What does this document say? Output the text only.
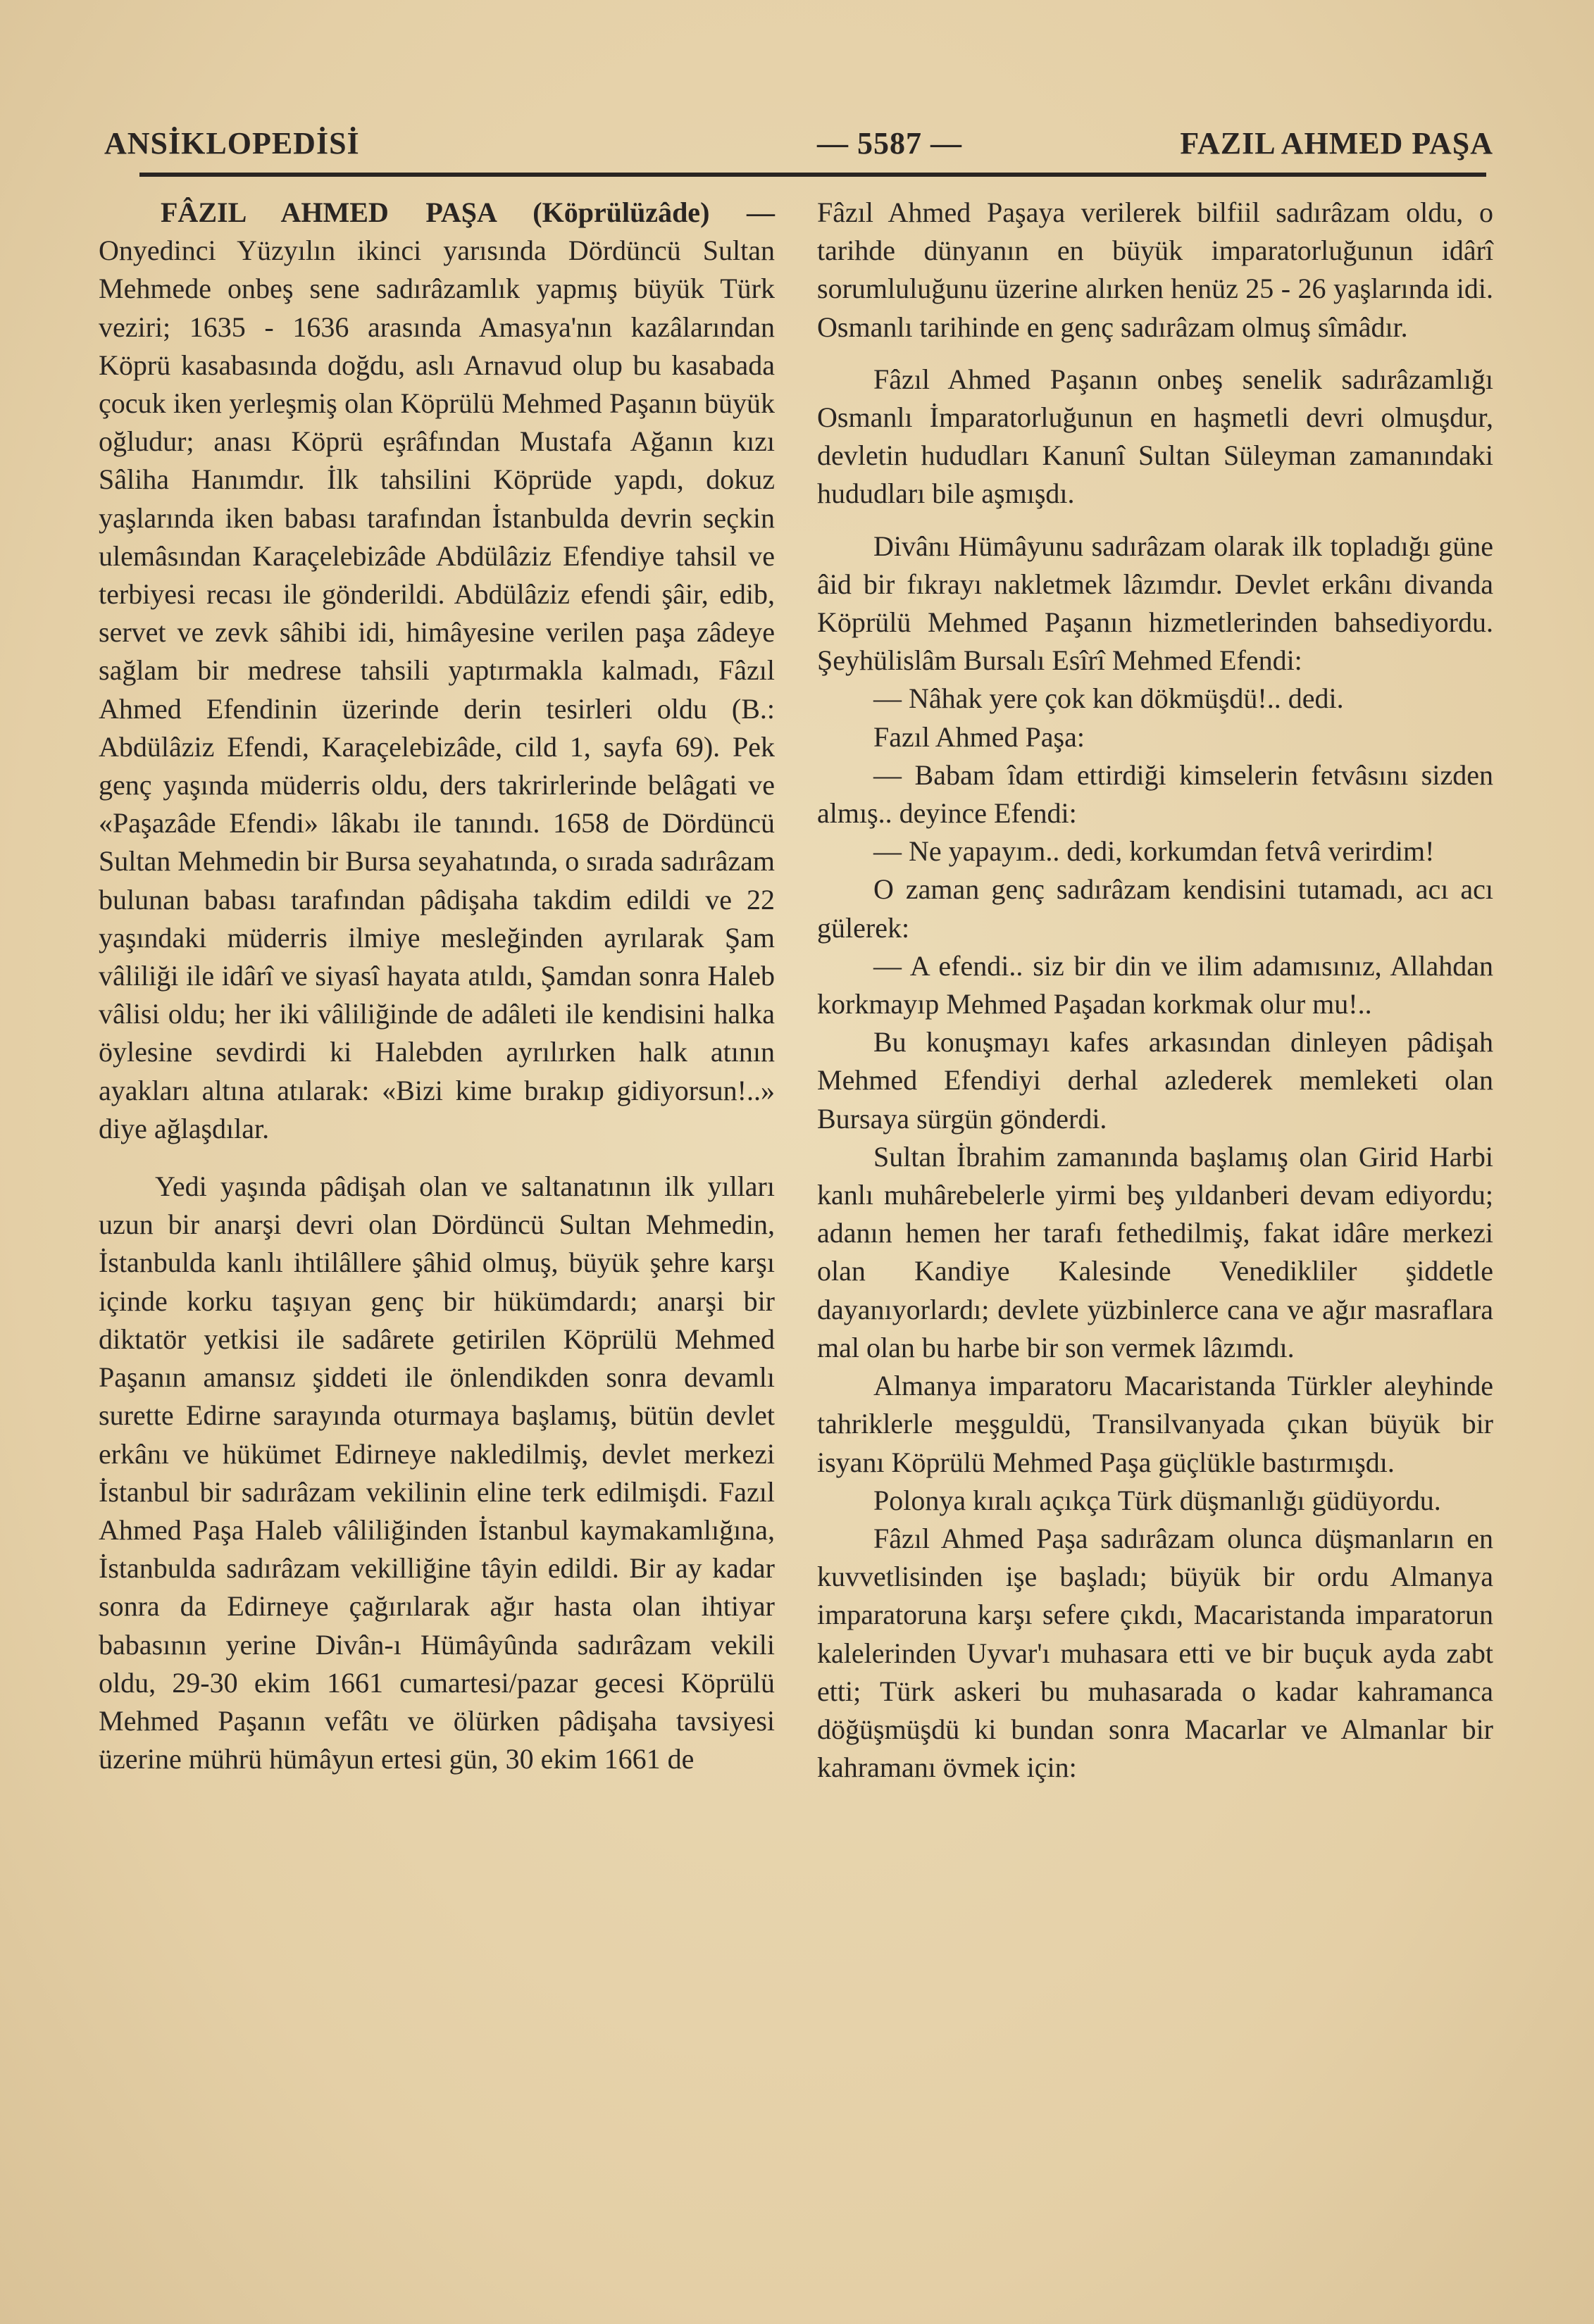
ANSİKLOPEDİSİ	— 5587 —	FAZIL AHMED PAŞA

FÂZIL AHMED PAŞA (Köprülüzâde) — Onyedinci Yüzyılın ikinci yarısında Dördüncü Sultan Mehmede onbeş sene sadırâzamlık yapmış büyük Türk veziri; 1635 - 1636 arasında Amasya'nın kazâlarından Köprü kasabasında doğdu, aslı Arnavud olup bu kasabada çocuk iken yerleşmiş olan Köprülü Mehmed Paşanın büyük oğludur; anası Köprü eşrâfından Mustafa Ağanın kızı Sâliha Hanımdır. İlk tahsilini Köprüde yapdı, dokuz yaşlarında iken babası tarafından İstanbulda devrin seçkin ulemâsından Karaçelebizâde Abdülâziz Efendiye tahsil ve terbiyesi recası ile gönderildi. Abdülâziz efendi şâir, edib, servet ve zevk sâhibi idi, himâyesine verilen paşa zâdeye sağlam bir medrese tahsili yaptırmakla kalmadı, Fâzıl Ahmed Efendinin üzerinde derin tesirleri oldu (B.: Abdülâziz Efendi, Karaçelebizâde, cild 1, sayfa 69). Pek genç yaşında müderris oldu, ders takrirlerinde belâgati ve «Paşazâde Efendi» lâkabı ile tanındı. 1658 de Dördüncü Sultan Mehmedin bir Bursa seyahatında, o sırada sadırâzam bulunan babası tarafından pâdişaha takdim edildi ve 22 yaşındaki müderris ilmiye mesleğinden ayrılarak Şam vâliliği ile idârî ve siyasî hayata atıldı, Şamdan sonra Haleb vâlisi oldu; her iki vâliliğinde de adâleti ile kendisini halka öylesine sevdirdi ki Halebden ayrılırken halk atının ayakları altına atılarak: «Bizi kime bırakıp gidiyorsun!..» diye ağlaşdılar.

Yedi yaşında pâdişah olan ve saltanatının ilk yılları uzun bir anarşi devri olan Dördüncü Sultan Mehmedin, İstanbulda kanlı ihtilâllere şâhid olmuş, büyük şehre karşı içinde korku taşıyan genç bir hükümdardı; anarşi bir diktatör yetkisi ile sadârete getirilen Köprülü Mehmed Paşanın amansız şiddeti ile önlendikden sonra devamlı surette Edirne sarayında oturmaya başlamış, bütün devlet erkânı ve hükümet Edirneye nakledilmiş, devlet merkezi İstanbul bir sadırâzam vekilinin eline terk edilmişdi. Fazıl Ahmed Paşa Haleb vâliliğinden İstanbul kaymakamlığına, İstanbulda sadırâzam vekilliğine tâyin edildi. Bir ay kadar sonra da Edirneye çağırılarak ağır hasta olan ihtiyar babasının yerine Divân-ı Hümâyûnda sadırâzam vekili oldu, 29-30 ekim 1661 cumartesi/pazar gecesi Köprülü Mehmed Paşanın vefâtı ve ölürken pâdişaha tavsiyesi üzerine mührü hümâyun ertesi gün, 30 ekim 1661 de

Fâzıl Ahmed Paşaya verilerek bilfiil sadırâzam oldu, o tarihde dünyanın en büyük imparatorluğunun idârî sorumluluğunu üzerine alırken henüz 25 - 26 yaşlarında idi. Osmanlı tarihinde en genç sadırâzam olmuş sîmâdır.

Fâzıl Ahmed Paşanın onbeş senelik sadırâzamlığı Osmanlı İmparatorluğunun en haşmetli devri olmuşdur, devletin hududları Kanunî Sultan Süleyman zamanındaki hududları bile aşmışdı.

Divânı Hümâyunu sadırâzam olarak ilk topladığı güne âid bir fıkrayı nakletmek lâzımdır. Devlet erkânı divanda Köprülü Mehmed Paşanın hizmetlerinden bahsediyordu. Şeyhülislâm Bursalı Esîrî Mehmed Efendi:

— Nâhak yere çok kan dökmüşdü!.. dedi.

Fazıl Ahmed Paşa:

— Babam îdam ettirdiği kimselerin fetvâsını sizden almış.. deyince Efendi:

— Ne yapayım.. dedi, korkumdan fetvâ verirdim!

O zaman genç sadırâzam kendisini tutamadı, acı acı gülerek:

— A efendi.. siz bir din ve ilim adamısınız, Allahdan korkmayıp Mehmed Paşadan korkmak olur mu!..

Bu konuşmayı kafes arkasından dinleyen pâdişah Mehmed Efendiyi derhal azlederek memleketi olan Bursaya sürgün gönderdi.

Sultan İbrahim zamanında başlamış olan Girid Harbi kanlı muhârebelerle yirmi beş yıldanberi devam ediyordu; adanın hemen her tarafı fethedilmiş, fakat idâre merkezi olan Kandiye Kalesinde Venedikliler şiddetle dayanıyorlardı; devlete yüzbinlerce cana ve ağır masraflara mal olan bu harbe bir son vermek lâzımdı.

Almanya imparatoru Macaristanda Türkler aleyhinde tahriklerle meşguldü, Transilvanyada çıkan büyük bir isyanı Köprülü Mehmed Paşa güçlükle bastırmışdı.

Polonya kıralı açıkça Türk düşmanlığı güdüyordu.

Fâzıl Ahmed Paşa sadırâzam olunca düşmanların en kuvvetlisinden işe başladı; büyük bir ordu Almanya imparatoruna karşı sefere çıkdı, Macaristanda imparatorun kalelerinden Uyvar'ı muhasara etti ve bir buçuk ayda zabt etti; Türk askeri bu muhasarada o kadar kahramanca döğüşmüşdü ki bundan sonra Macarlar ve Almanlar bir kahramanı övmek için:
